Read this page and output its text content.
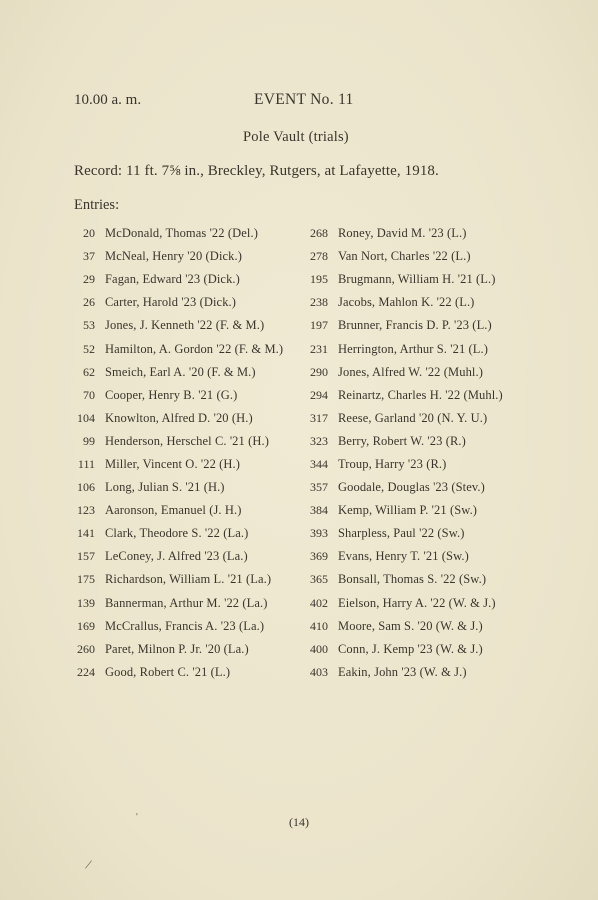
10.00 a. m.	EVENT No. 11
Pole Vault (trials)
Record: 11 ft. 7⅝ in., Breckley, Rutgers, at Lafayette, 1918.
Entries:
20 McDonald, Thomas '22 (Del.)
37 McNeal, Henry '20 (Dick.)
29 Fagan, Edward '23 (Dick.)
26 Carter, Harold '23 (Dick.)
53 Jones, J. Kenneth '22 (F. & M.)
52 Hamilton, A. Gordon '22 (F. & M.)
62 Smeich, Earl A. '20 (F. & M.)
70 Cooper, Henry B. '21 (G.)
104 Knowlton, Alfred D. '20 (H.)
99 Henderson, Herschel C. '21 (H.)
111 Miller, Vincent O. '22 (H.)
106 Long, Julian S. '21 (H.)
123 Aaronson, Emanuel (J. H.)
141 Clark, Theodore S. '22 (La.)
157 LeConey, J. Alfred '23 (La.)
175 Richardson, William L. '21 (La.)
139 Bannerman, Arthur M. '22 (La.)
169 McCrallus, Francis A. '23 (La.)
260 Paret, Milnon P. Jr. '20 (La.)
224 Good, Robert C. '21 (L.)
268 Roney, David M. '23 (L.)
278 Van Nort, Charles '22 (L.)
195 Brugmann, William H. '21 (L.)
238 Jacobs, Mahlon K. '22 (L.)
197 Brunner, Francis D. P. '23 (L.)
231 Herrington, Arthur S. '21 (L.)
290 Jones, Alfred W. '22 (Muhl.)
294 Reinartz, Charles H. '22 (Muhl.)
317 Reese, Garland '20 (N. Y. U.)
323 Berry, Robert W. '23 (R.)
344 Troup, Harry '23 (R.)
357 Goodale, Douglas '23 (Stev.)
384 Kemp, William P. '21 (Sw.)
393 Sharpless, Paul '22 (Sw.)
369 Evans, Henry T. '21 (Sw.)
365 Bonsall, Thomas S. '22 (Sw.)
402 Eielson, Harry A. '22 (W. & J.)
410 Moore, Sam S. '20 (W. & J.)
400 Conn, J. Kemp '23 (W. & J.)
403 Eakin, John '23 (W. & J.)
(14)
/
'
